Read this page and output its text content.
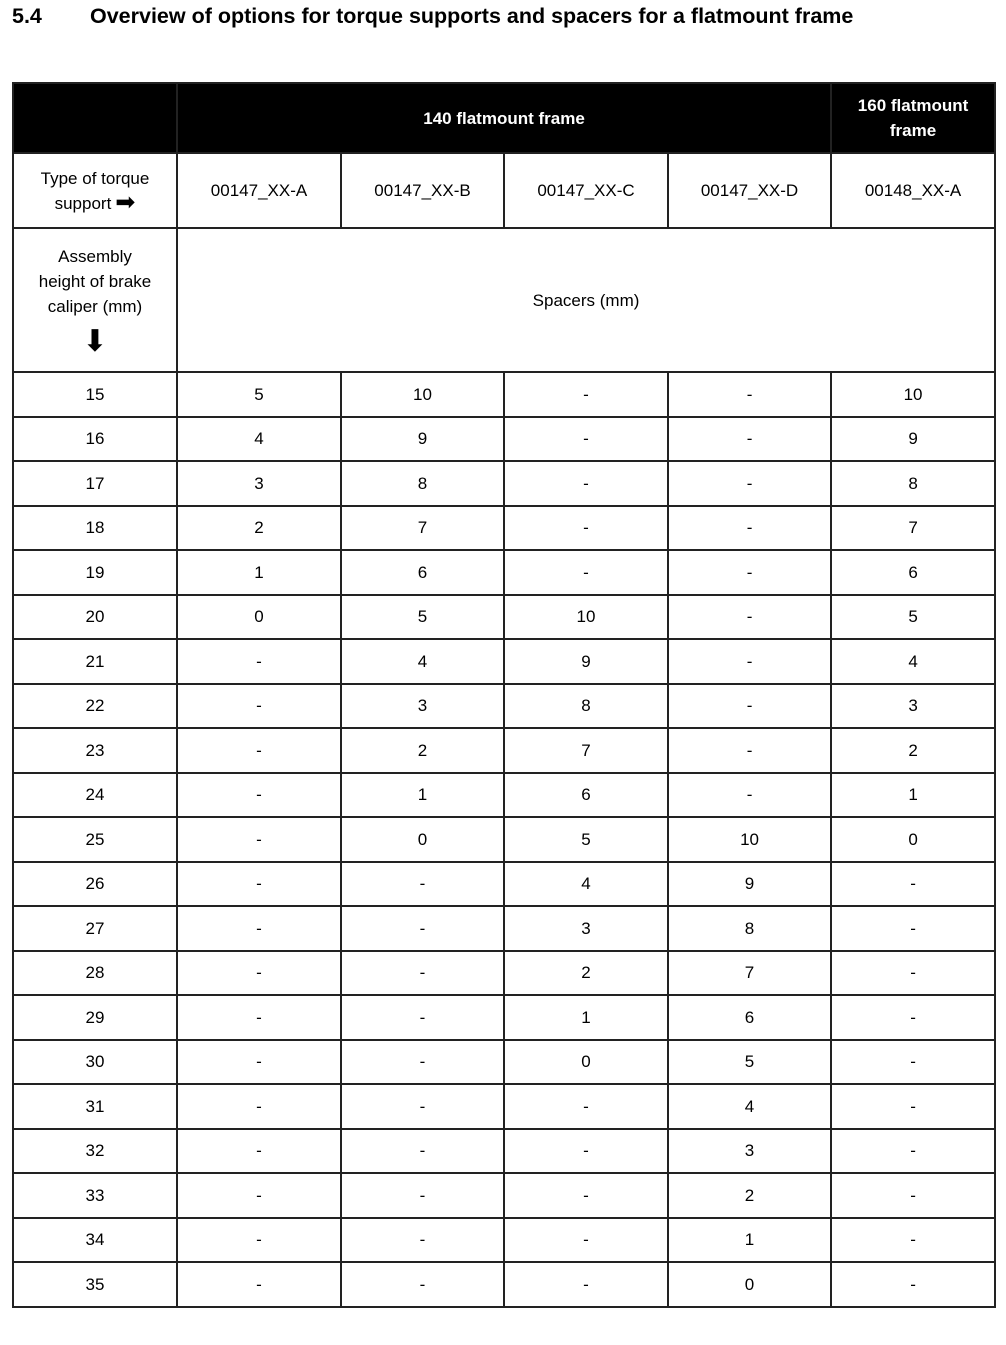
5.4	Overview of options for torque supports and spacers for a flatmount frame
	140 flatmount frame				160 flatmount
frame
Type of torque
support ➡	00147_XX-A	00147_XX-B	00147_XX-C	00147_XX-D	00148_XX-A
Assembly
height of brake
caliper (mm)
⬇	Spacers (mm)				
15	5	10	-	-	10
16	4	9	-	-	9
17	3	8	-	-	8
18	2	7	-	-	7
19	1	6	-	-	6
20	0	5	10	-	5
21	-	4	9	-	4
22	-	3	8	-	3
23	-	2	7	-	2
24	-	1	6	-	1
25	-	0	5	10	0
26	-	-	4	9	-
27	-	-	3	8	-
28	-	-	2	7	-
29	-	-	1	6	-
30	-	-	0	5	-
31	-	-	-	4	-
32	-	-	-	3	-
33	-	-	-	2	-
34	-	-	-	1	-
35	-	-	-	0	-
